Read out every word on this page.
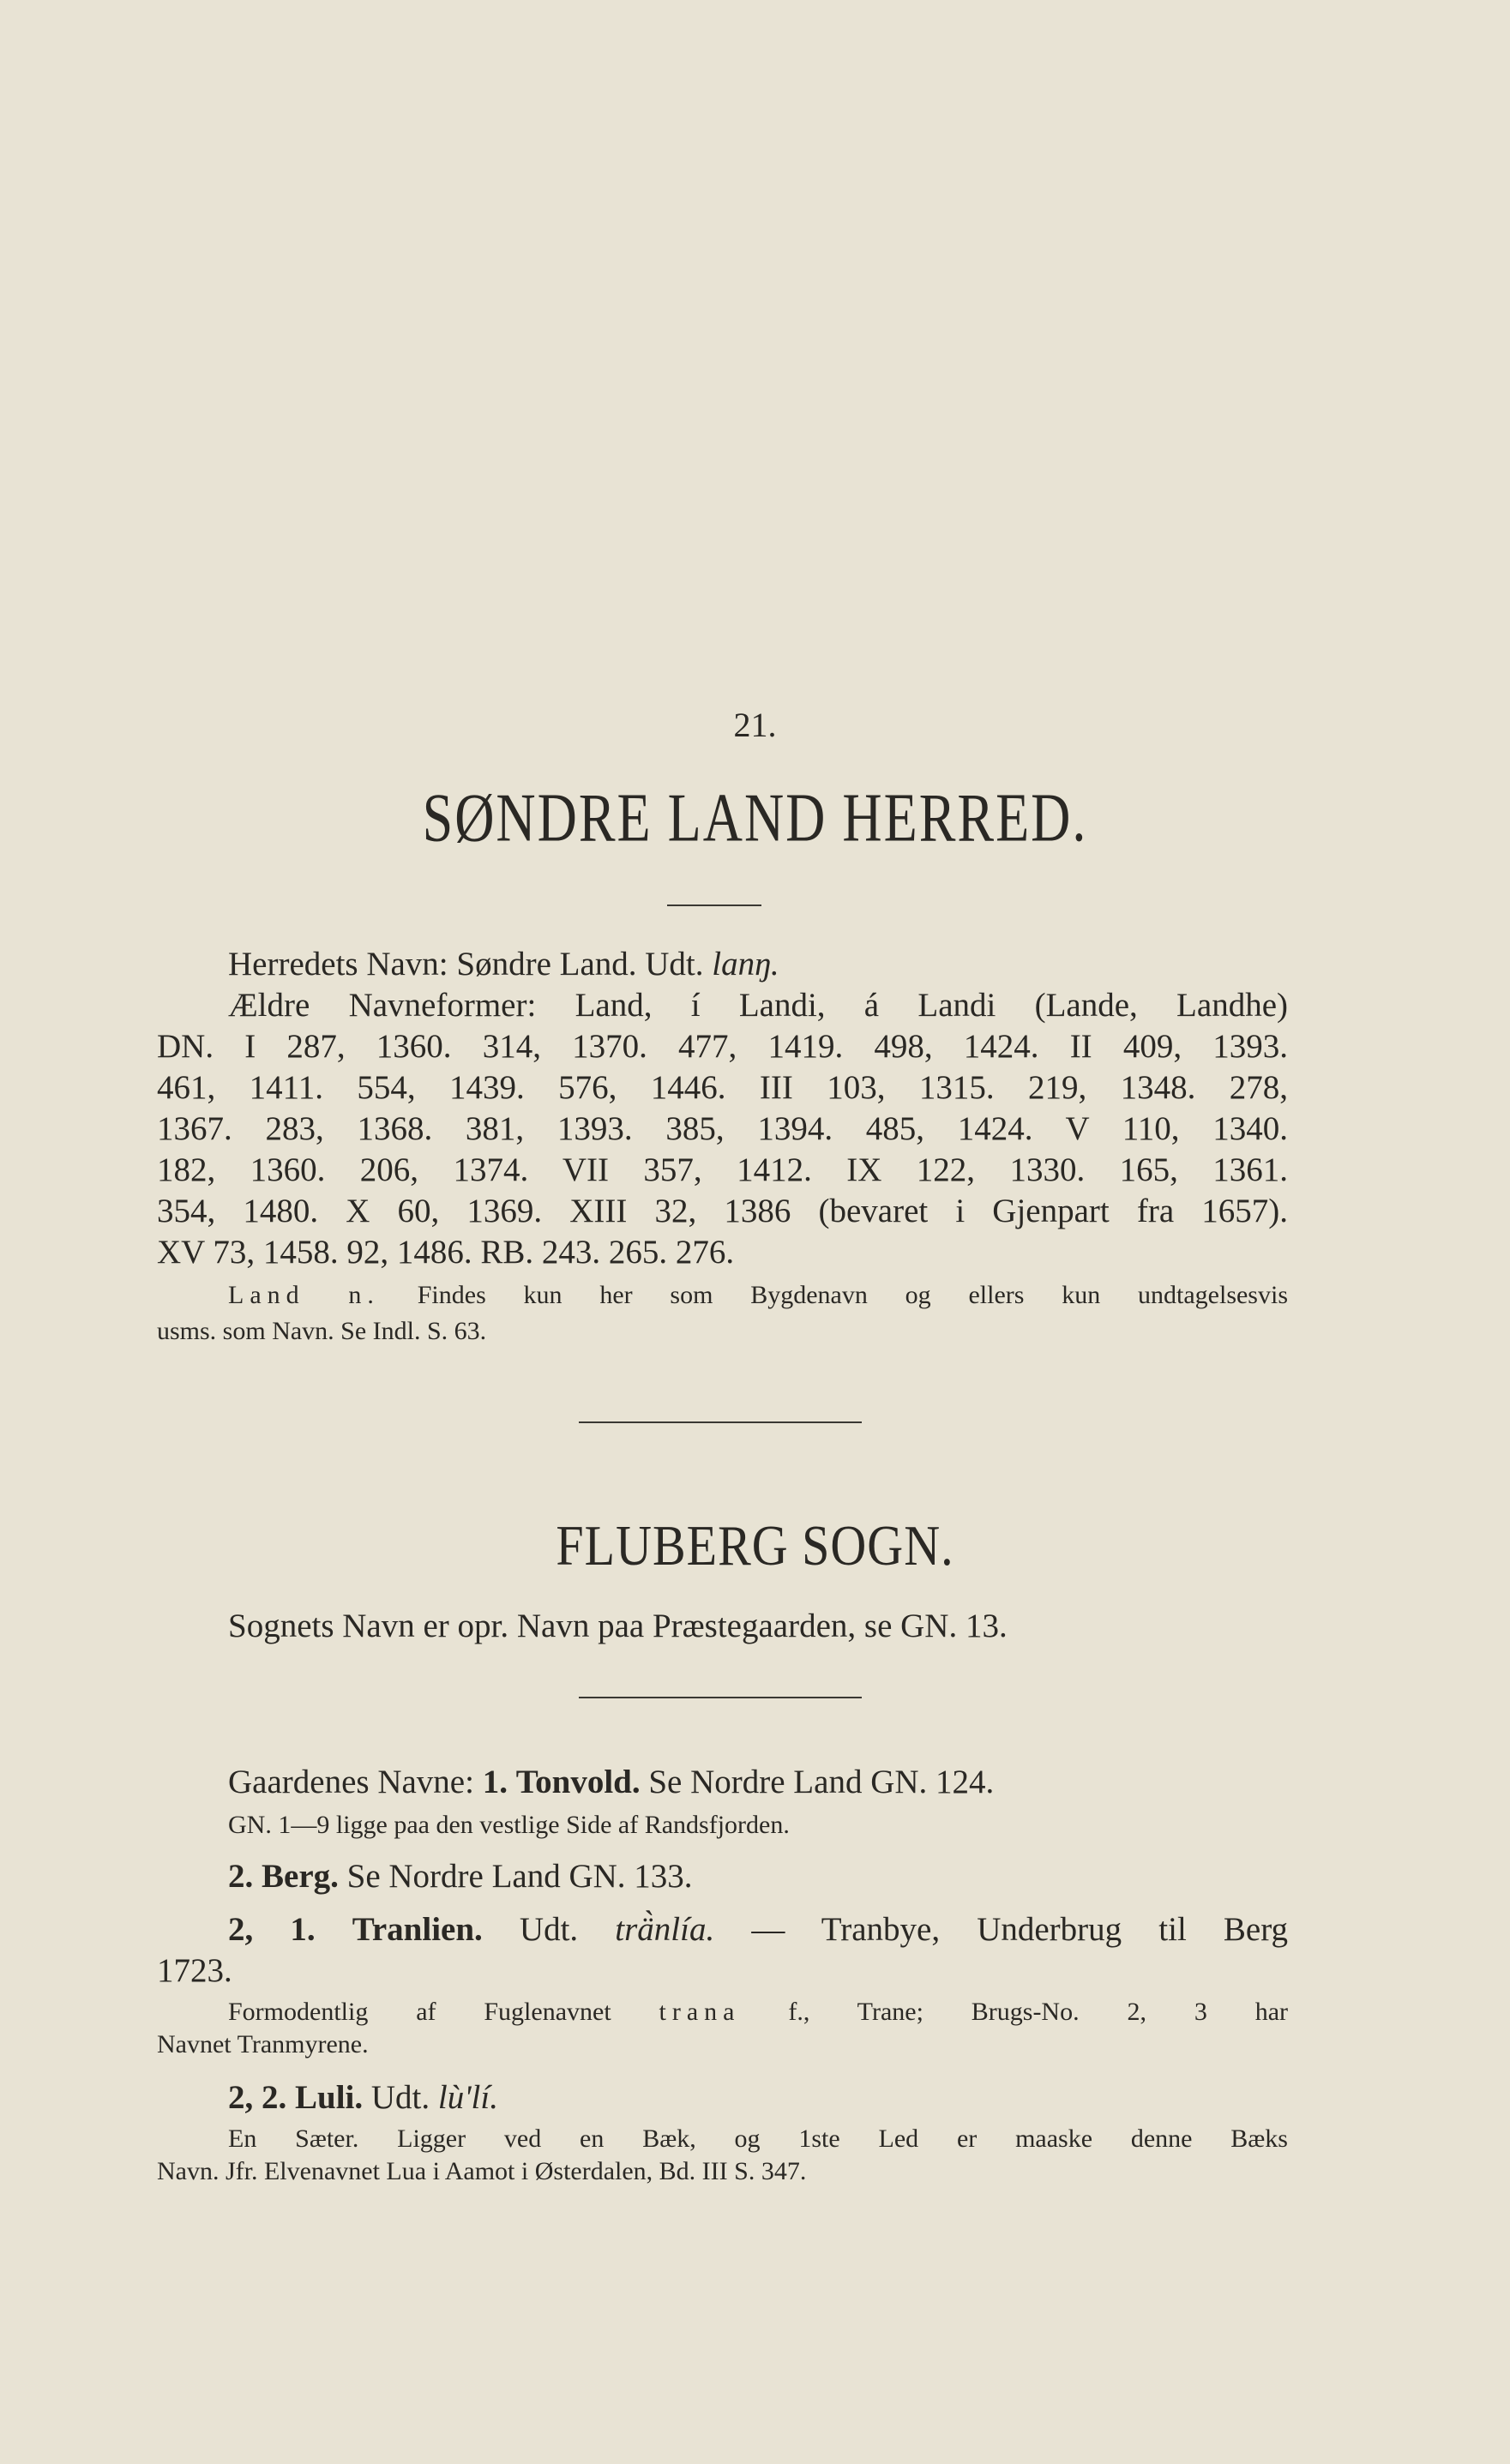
21.
SØNDRE LAND HERRED.
Herredets Navn: Søndre Land. Udt. lanŋ.
Ældre Navneformer: Land, í Landi, á Landi (Lande, Landhe)
DN. I 287, 1360. 314, 1370. 477, 1419. 498, 1424. II 409, 1393.
461, 1411. 554, 1439. 576, 1446. III 103, 1315. 219, 1348. 278,
1367. 283, 1368. 381, 1393. 385, 1394. 485, 1424. V 110, 1340.
182, 1360. 206, 1374. VII 357, 1412. IX 122, 1330. 165, 1361.
354, 1480. X 60, 1369. XIII 32, 1386 (bevaret i Gjenpart fra 1657).
XV 73, 1458. 92, 1486. RB. 243. 265. 276.
Land n. Findes kun her som Bygdenavn og ellers kun undtagelsesvis
usms. som Navn. Se Indl. S. 63.
FLUBERG SOGN.
Sognets Navn er opr. Navn paa Præstegaarden, se GN. 13.
Gaardenes Navne: 1. Tonvold. Se Nordre Land GN. 124.
GN. 1—9 ligge paa den vestlige Side af Randsfjorden.
2. Berg. Se Nordre Land GN. 133.
2, 1. Tranlien. Udt. trä̀nlía. — Tranbye, Underbrug til Berg
1723.
Formodentlig af Fuglenavnet trana f., Trane; Brugs-No. 2, 3 har
Navnet Tranmyrene.
2, 2. Luli. Udt. lù'lí.
En Sæter. Ligger ved en Bæk, og 1ste Led er maaske denne Bæks
Navn. Jfr. Elvenavnet Lua i Aamot i Østerdalen, Bd. III S. 347.
